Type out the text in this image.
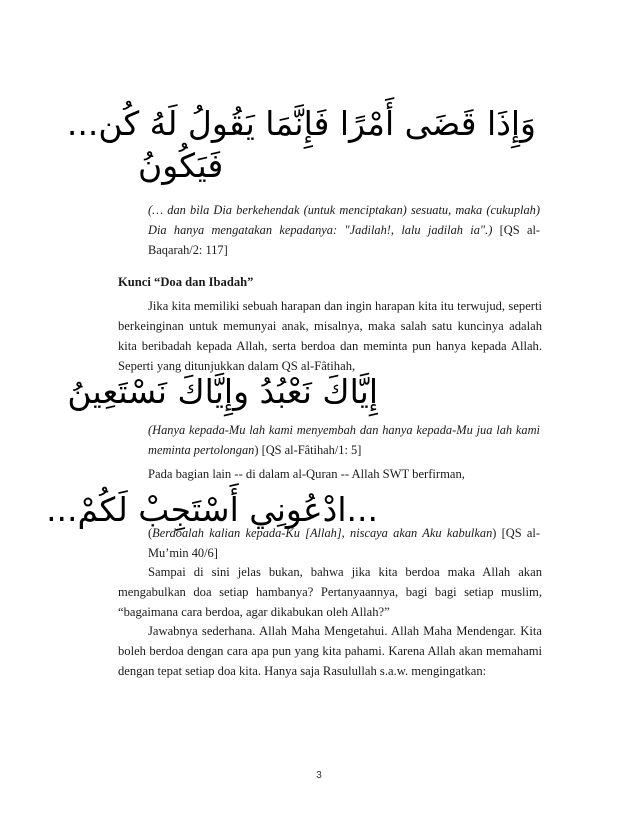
وَإِذَا قَضَى أَمْرًا فَإِنَّمَا يَقُولُ لَهُ كُن...
فَيَكُونُ
(… dan bila Dia berkehendak (untuk menciptakan) sesuatu, maka (cukuplah) Dia hanya mengatakan kepadanya: "Jadilah!, lalu jadilah ia".) [QS al-Baqarah/2: 117]
Kunci “Doa dan Ibadah”

Jika kita memiliki sebuah harapan dan ingin harapan kita itu terwujud, seperti berkeinginan untuk memunyai anak, misalnya, maka salah satu kuncinya adalah kita beribadah kepada Allah, serta berdoa dan meminta pun hanya kepada Allah. Seperti yang ditunjukkan dalam QS al-Fâtihah,

إِيَّاكَ نَعْبُدُ وإِيَّاكَ نَسْتَعِينُ
(Hanya kepada-Mu lah kami menyembah dan hanya kepada-Mu jua lah kami meminta pertolongan) [QS al-Fâtihah/1: 5]
Pada bagian lain -- di dalam al-Quran -- Allah SWT berfirman,
...ادْعُونِي أَسْتَجِبْ لَكُمْ...
(Berdoalah kalian kepada-Ku [Allah], niscaya akan Aku kabulkan) [QS al-Mu’min 40/6]

Sampai di sini jelas bukan, bahwa jika kita berdoa maka Allah akan mengabulkan doa setiap hambanya? Pertanyaannya, bagi bagi setiap muslim, “bagaimana cara berdoa, agar dikabukan oleh Allah?”

Jawabnya sederhana. Allah Maha Mengetahui. Allah Maha Mendengar. Kita boleh berdoa dengan cara apa pun yang kita pahami. Karena Allah akan memahami dengan tepat setiap doa kita. Hanya saja Rasulullah s.a.w. mengingatkan:

3
